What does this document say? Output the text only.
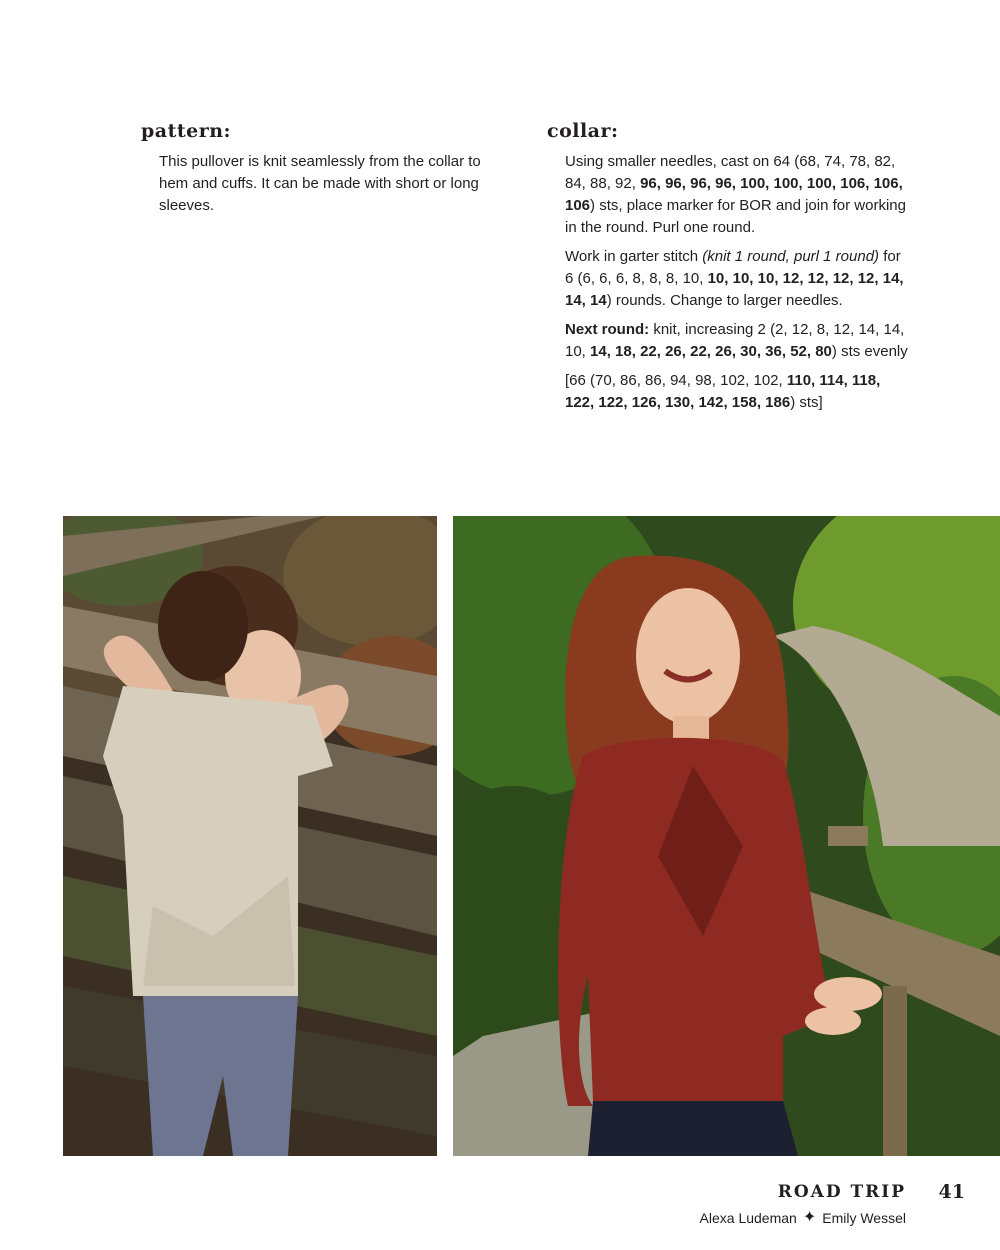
pattern:

This pullover is knit seamlessly from the collar to hem and cuffs. It can be made with short or long sleeves.

collar:

Using smaller needles, cast on 64 (68, 74, 78, 82, 84, 88, 92, 96, 96, 96, 96, 100, 100, 100, 106, 106, 106) sts, place marker for BOR and join for working in the round. Purl one round.

Work in garter stitch (knit 1 round, purl 1 round) for 6 (6, 6, 6, 8, 8, 8, 10, 10, 10, 10, 12, 12, 12, 12, 14, 14, 14) rounds. Change to larger needles.

Next round: knit, increasing 2 (2, 12, 8, 12, 14, 14, 10, 14, 18, 22, 26, 22, 26, 30, 36, 52, 80) sts evenly

[66 (70, 86, 86, 94, 98, 102, 102, 110, 114, 118, 122, 122, 126, 130, 142, 158, 186) sts]

ROAD TRIP 41

Alexa Ludeman ✦ Emily Wessel
